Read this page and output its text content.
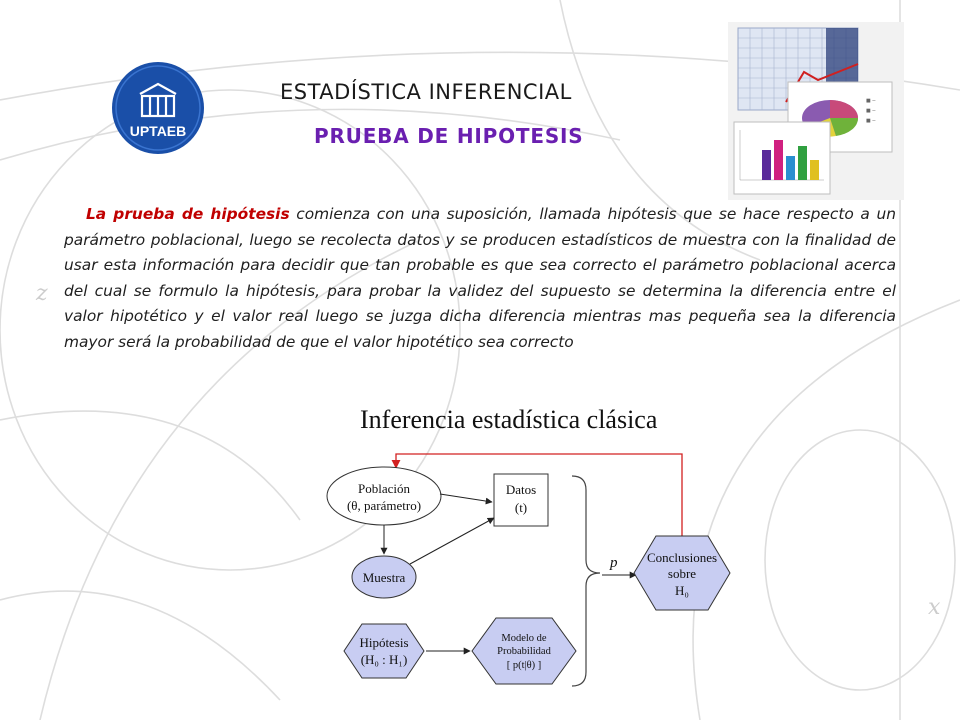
z
x
UPTAEB
ESTADÍSTICA INFERENCIAL
PRUEBA DE HIPOTESIS
■ ─
■ ─
■ ─

La prueba de hipótesis comienza con una suposición, llamada hipótesis que se hace respecto a un parámetro poblacional, luego se recolecta datos y se producen estadísticos de muestra con la finalidad de usar esta información para decidir que tan probable es que sea correcto el parámetro poblacional acerca del cual se formulo la hipótesis, para probar la validez del supuesto se determina la diferencia entre el valor hipotético y el valor real luego se juzga dicha diferencia mientras mas pequeña sea la diferencia mayor será la probabilidad de que el valor hipotético sea correcto

Inferencia estadística clásica
Población
(θ, parámetro)
Datos
(t)
Muestra
Hipótesis
(H₀ : H₁)
Modelo de
Probabilidad
[ p(t|θ) ]
p Conclusiones
sobre
H₀
